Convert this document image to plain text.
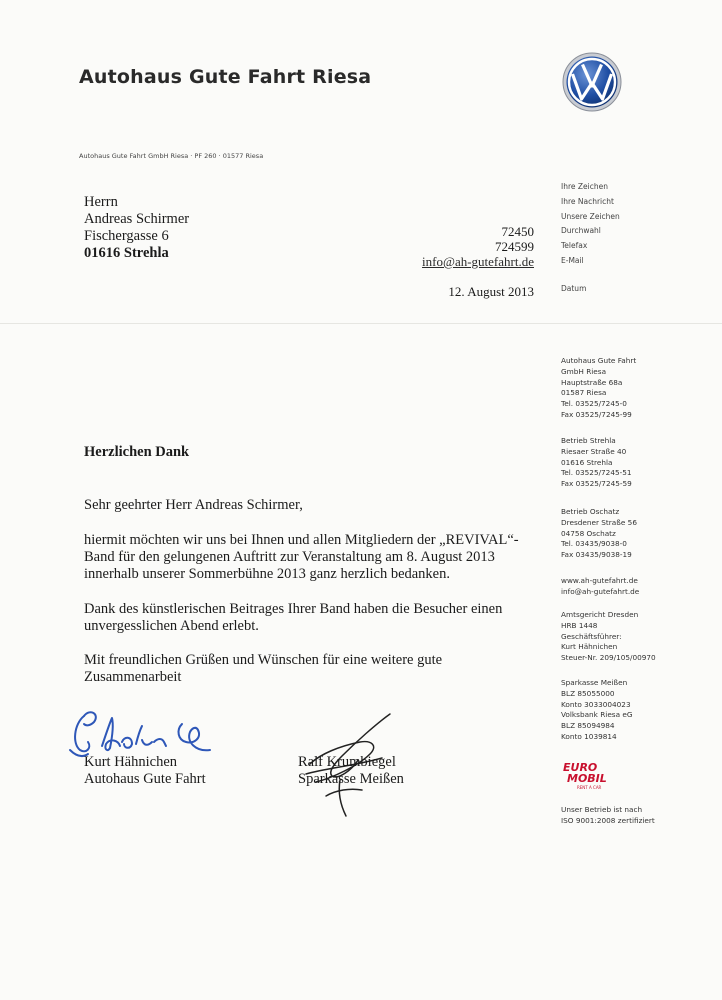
Autohaus Gute Fahrt Riesa
Autohaus Gute Fahrt GmbH Riesa · PF 260 · 01577 Riesa
Herrn
Andreas Schirmer
Fischergasse 6
01616 Strehla
Ihre Zeichen
Ihre Nachricht
Unsere Zeichen
Durchwahl
Telefax
E-Mail
72450
724599
info@ah-gutefahrt.de
Datum
12. August 2013
Autohaus Gute Fahrt
GmbH Riesa
Hauptstraße 68a
01587 Riesa
Tel. 03525/7245-0
Fax 03525/7245-99
Betrieb Strehla
Riesaer Straße 40
01616 Strehla
Tel. 03525/7245-51
Fax 03525/7245-59
Betrieb Oschatz
Dresdener Straße 56
04758 Oschatz
Tel. 03435/9038-0
Fax 03435/9038-19
www.ah-gutefahrt.de
info@ah-gutefahrt.de
Amtsgericht Dresden
HRB 1448
Geschäftsführer:
Kurt Hähnichen
Steuer-Nr. 209/105/00970
Sparkasse Meißen
BLZ 85055000
Konto 3033004023
Volksbank Riesa eG
BLZ 85094984
Konto 1039814
EURO
MOBIL
RENT A CAR
Unser Betrieb ist nach
ISO 9001:2008 zertifiziert
Herzlichen Dank
Sehr geehrter Herr Andreas Schirmer,
hiermit möchten wir uns bei Ihnen und allen Mitgliedern der „REVIVAL“-
Band für den gelungenen Auftritt zur Veranstaltung am 8. August 2013
innerhalb unserer Sommerbühne 2013 ganz herzlich bedanken.
Dank des künstlerischen Beitrages Ihrer Band haben die Besucher einen
unvergesslichen Abend erlebt.
Mit freundlichen Grüßen und Wünschen für eine weitere gute
Zusammenarbeit
Kurt Hähnichen
Autohaus Gute Fahrt
Ralf Krumbiegel
Sparkasse Meißen
